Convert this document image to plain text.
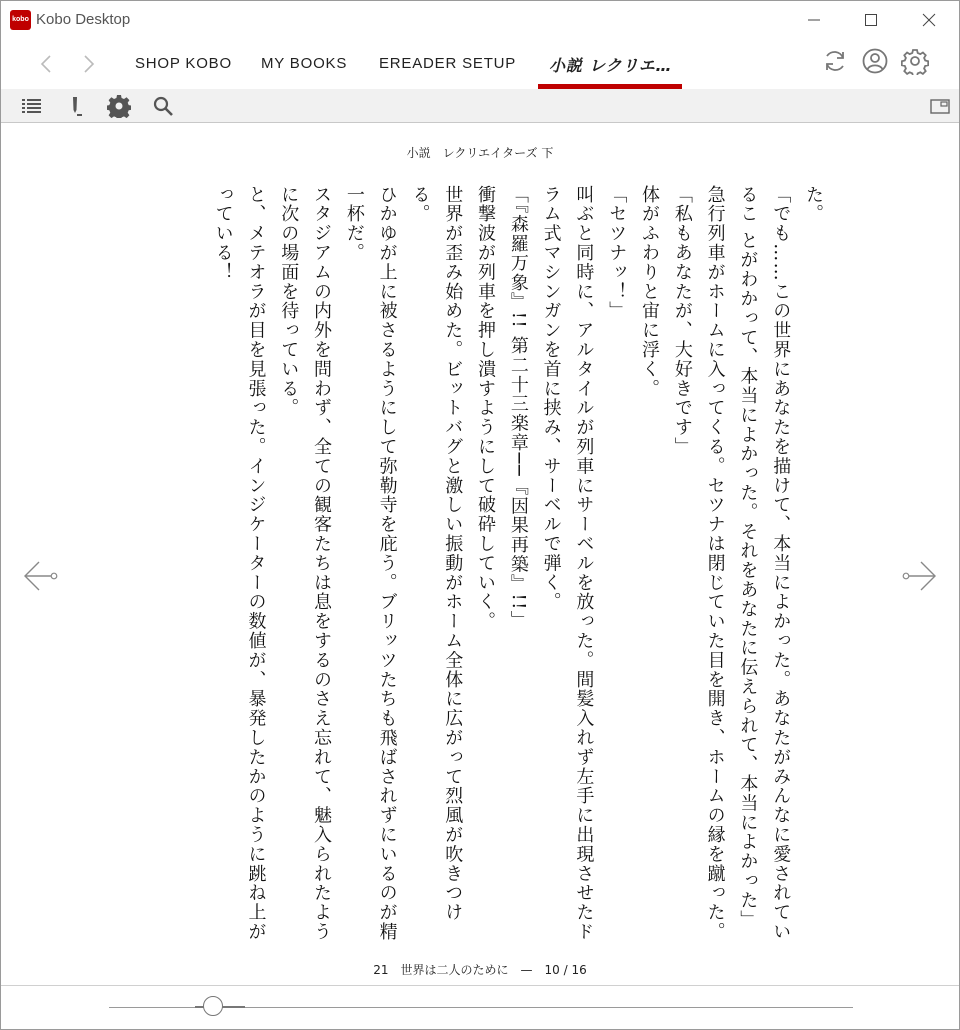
kobo Kobo Desktop
SHOP KOBO MY BOOKS EREADER SETUP 小説 レクリエ…
小説　レクリエイターズ 下

た。

「でも……この世界にあなたを描けて、本当によかった。あなたがみんなに愛されているこ とがわかって、本当によかった。それをあなたに伝えられて、本当によかった」

急行列車がホームに入ってくる。セツナは閉じていた目を開き、ホームの縁を蹴った。

「私もあなたが、大好きです」

体がふわりと宙に浮く。

「セツナッ！」

叫ぶと同時に、アルタイルが列車にサーベルを放った。間髪入れず左手に出現させたドラム式マシンガンを首に挟み、サーベルで弾く。

「『森羅万象』!! 第二十三楽章──『因果再築』!!」

衝撃波が列車を押し潰すようにして破砕していく。

世界が歪み始めた。ビットバグと激しい振動がホーム全体に広がって烈風が吹きつける。

ひかゆが上に被さるようにして弥勒寺を庇う。ブリッツたちも飛ばされずにいるのが精一杯だ。

スタジアムの内外を問わず、全ての観客たちは息をするのさえ忘れて、魅入られたように次の場面を待っている。

と、メテオラが目を見張った。インジケーターの数値が、暴発したかのように跳ね上がっている！

21　世界は二人のために　—　10 / 16
